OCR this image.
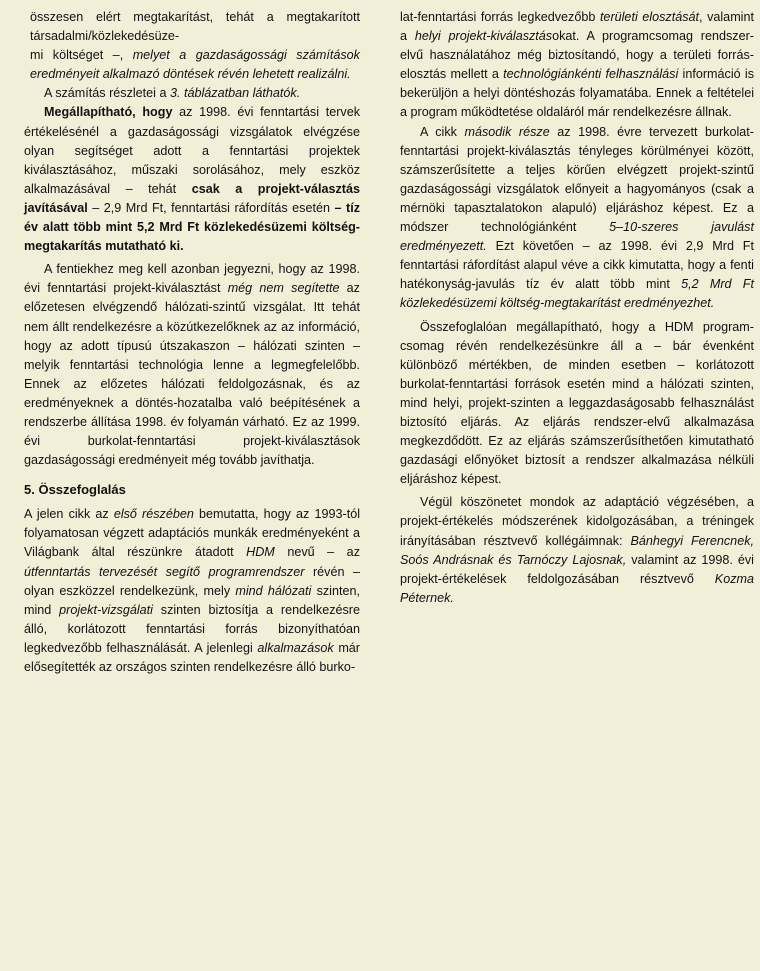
összesen elért megtakarítást, tehát a megtakarított társadalmi/közlekedésüze-

mi költséget –, melyet a gazdaságossági számítások eredményeit alkalmazó döntések révén lehetett realizálni.

A számítás részletei a 3. táblázatban láthatók.

Megállapítható, hogy az 1998. évi fenntartási tervek értékelésénél a gazdaságossági vizsgálatok elvégzése olyan segítséget adott a fenntartási projektek kiválasztásához, műszaki sorolásához, mely eszköz alkalmazásával – tehát csak a projekt-választás javításával – 2,9 Mrd Ft, fenntartási ráfordítás esetén – tíz év alatt több mint 5,2 Mrd Ft közlekedésüzemi költség-megtakarítás mutatható ki.

A fentiekhez meg kell azonban jegyezni, hogy az 1998. évi fenntartási projekt-kiválasztást még nem segítette az előzetesen elvégzendő hálózati-szintű vizsgálat. Itt tehát nem állt rendelkezésre a közútkezelőknek az az információ, hogy az adott típusú útszakaszon – hálózati szinten – melyik fenntartási technológia lenne a legmegfelelőbb. Ennek az előzetes hálózati feldolgozásnak, és az eredményeknek a döntés-hozatalba való beépítésének a rendszerbe állítása 1998. év folyamán várható. Ez az 1999. évi burkolat-fenntartási projekt-kiválasztások gazdaságossági eredményeit még tovább javíthatja.

5. Összefoglalás

A jelen cikk az első részében bemutatta, hogy az 1993-tól folyamatosan végzett adaptációs munkák eredményeként a Világbank által részünkre átadott HDM nevű – az útfenntartás tervezését segítő programrendszer révén – olyan eszközzel rendelkezünk, mely mind hálózati szinten, mind projekt-vizsgálati szinten biztosítja a rendelkezésre álló, korlátozott fenntartási forrás bizonyíthatóan legkedvezőbb felhasználását. A jelenlegi alkalmazások már elősegítették az országos szinten rendelkezésre álló burko-

lat-fenntartási forrás legkedvezőbb területi elosztását, valamint a helyi projekt-kiválasztásokat. A programcsomag rendszer-elvű használatához még biztosítandó, hogy a területi forrás-elosztás mellett a technológiánkénti felhasználási információ is bekerüljön a helyi döntéshozás folyamatába. Ennek a feltételei a program működtetése oldaláról már rendelkezésre állnak.

A cikk második része az 1998. évre tervezett burkolat-fenntartási projekt-kiválasztás tényleges körülményei között, számszerűsítette a teljes körűen elvégzett projekt-szintű gazdaságossági vizsgálatok előnyeit a hagyományos (csak a mérnöki tapasztalatokon alapuló) eljáráshoz képest. Ez a módszer technológiánként 5–10-szeres javulást eredményezett. Ezt követően – az 1998. évi 2,9 Mrd Ft fenntartási ráfordítást alapul véve a cikk kimutatta, hogy a fenti hatékonyság-javulás tíz év alatt több mint 5,2 Mrd Ft közlekedésüzemi költség-megtakarítást eredményezhet.

Összefoglalóan megállapítható, hogy a HDM program-csomag révén rendelkezésünkre áll a – bár évenként különböző mértékben, de minden esetben – korlátozott burkolat-fenntartási források esetén mind a hálózati szinten, mind helyi, projekt-szinten a leggazdaságosabb felhasználást biztosító eljárás. Az eljárás rendszer-elvű alkalmazása megkezdődött. Ez az eljárás számszerűsíthetően kimutatható gazdasági előnyöket biztosít a rendszer alkalmazása nélküli eljáráshoz képest.

Végül köszönetet mondok az adaptáció végzésében, a projekt-értékelés módszerének kidolgozásában, a tréningek irányításában résztvevő kollégáimnak: Bánhegyi Ferencnek, Soós Andrásnak és Tarnóczy Lajosnak, valamint az 1998. évi projekt-értékelések feldolgozásában résztvevő Kozma Péternek.
